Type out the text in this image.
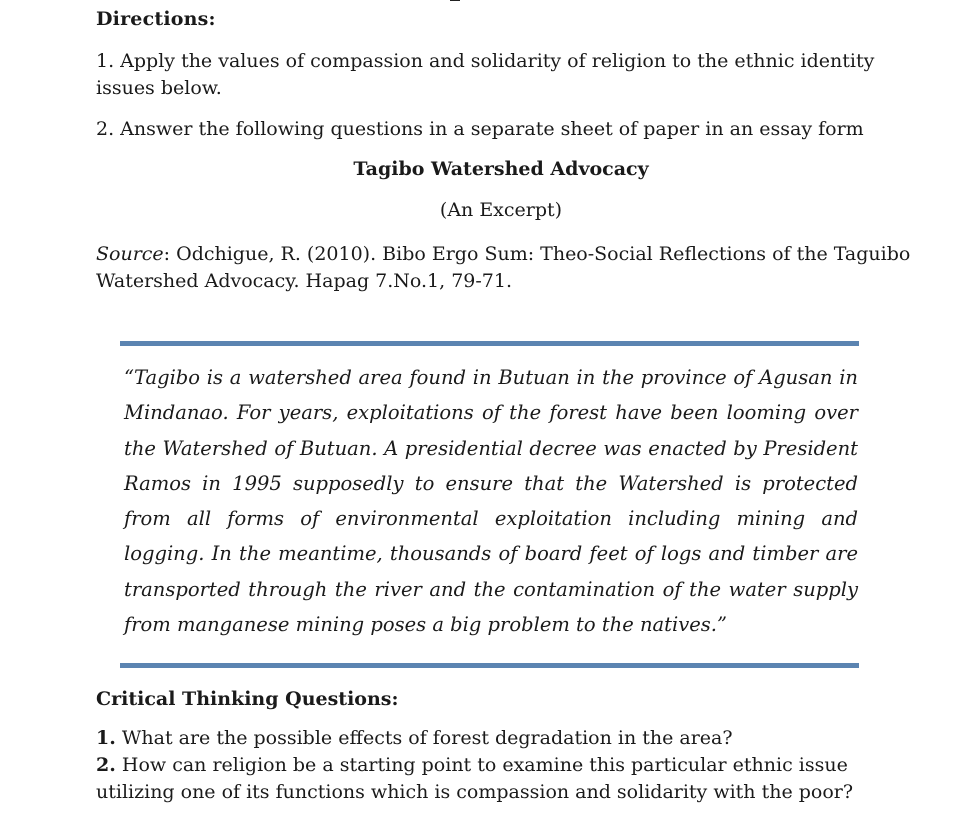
Directions:
1. Apply the values of compassion and solidarity of religion to the ethnic identity issues below.
2. Answer the following questions in a separate sheet of paper in an essay form
Tagibo Watershed Advocacy
(An Excerpt)
Source: Odchigue, R. (2010). Bibo Ergo Sum: Theo-Social Reflections of the Taguibo Watershed Advocacy. Hapag 7.No.1, 79-71.
“Tagibo is a watershed area found in Butuan in the province of Agusan in Mindanao. For years, exploitations of the forest have been looming over the Watershed of Butuan. A presidential decree was enacted by President Ramos in 1995 supposedly to ensure that the Watershed is protected from all forms of environmental exploitation including mining and logging. In the meantime, thousands of board feet of logs and timber are transported through the river and the contamination of the water supply from manganese mining poses a big problem to the natives.”
Critical Thinking Questions:
1. What are the possible effects of forest degradation in the area?
2. How can religion be a starting point to examine this particular ethnic issue utilizing one of its functions which is compassion and solidarity with the poor?
